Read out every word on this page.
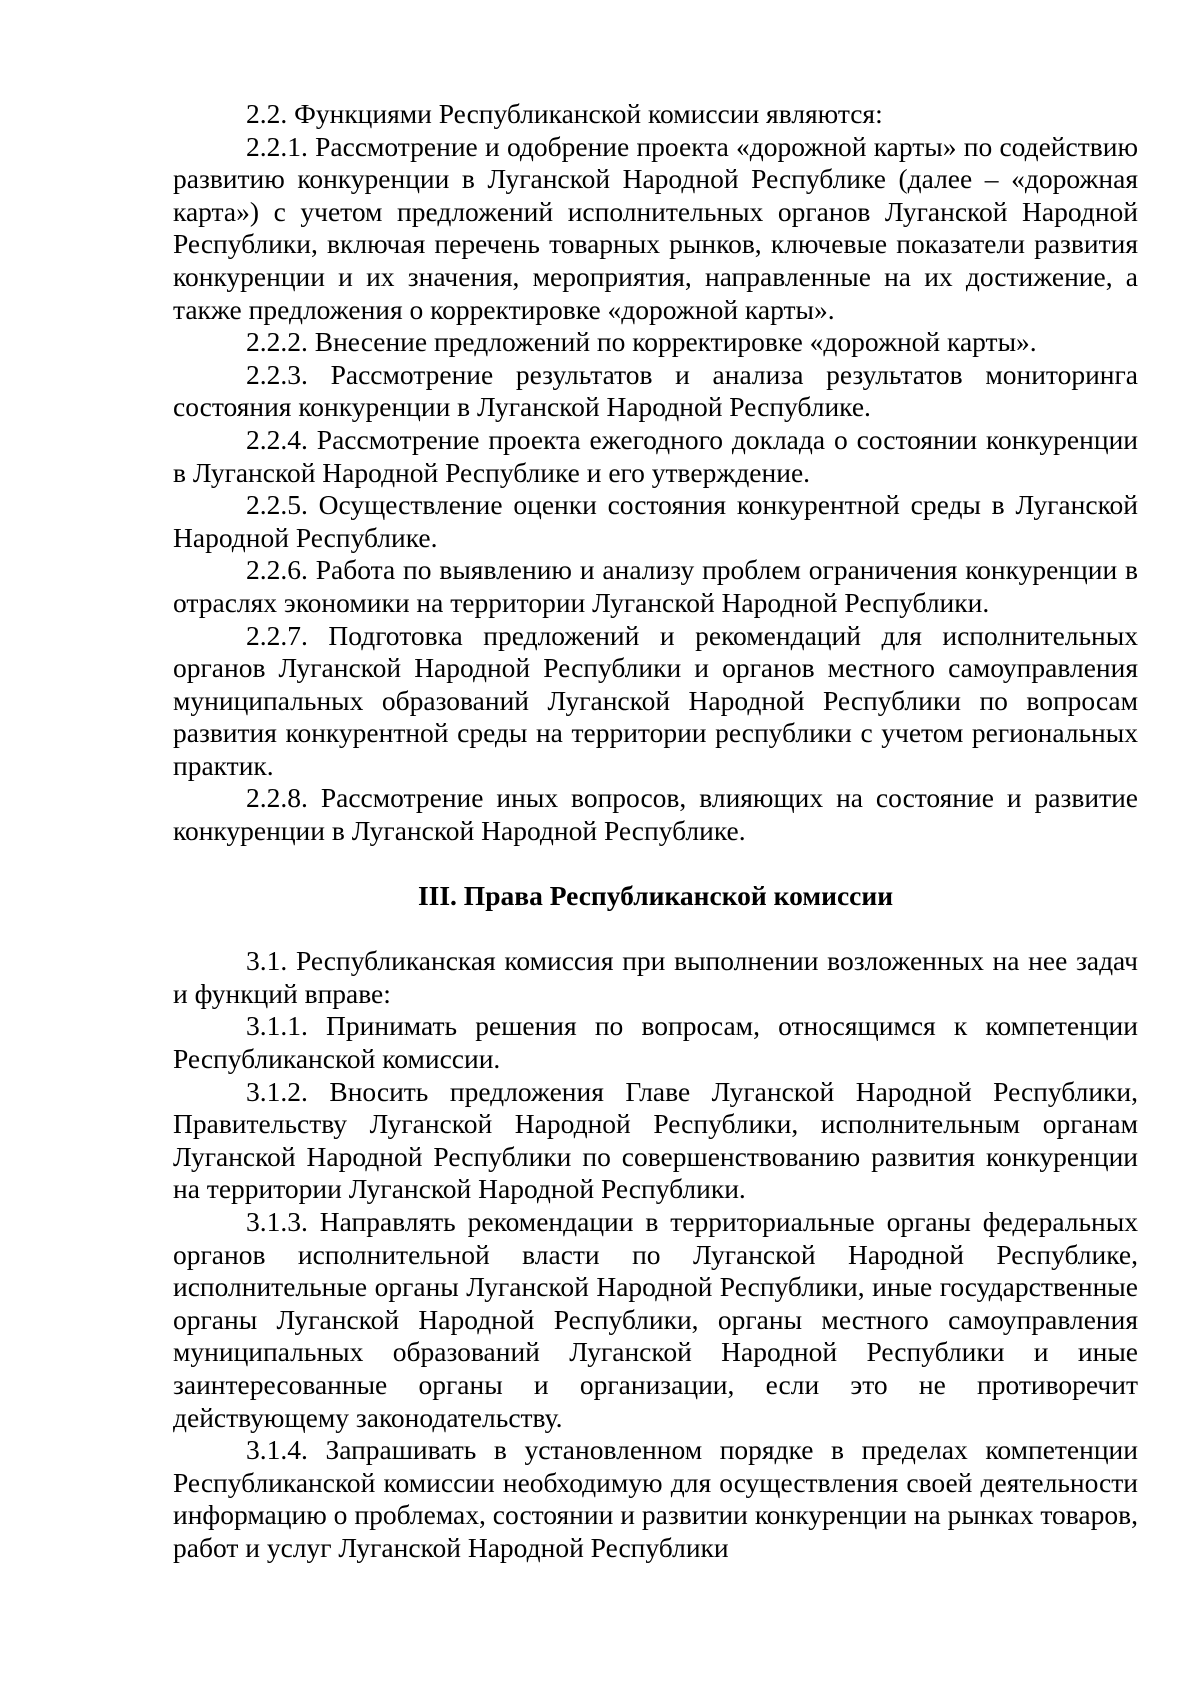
2.2. Функциями Республиканской комиссии являются:

2.2.1. Рассмотрение и одобрение проекта «дорожной карты» по содействию развитию конкуренции в Луганской Народной Республике (далее – «дорожная карта») с учетом предложений исполнительных органов Луганской Народной Республики, включая перечень товарных рынков, ключевые показатели развития конкуренции и их значения, мероприятия, направленные на их достижение, а также предложения о корректировке «дорожной карты».

2.2.2. Внесение предложений по корректировке «дорожной карты».

2.2.3. Рассмотрение результатов и анализа результатов мониторинга состояния конкуренции в Луганской Народной Республике.

2.2.4. Рассмотрение проекта ежегодного доклада о состоянии конкуренции в Луганской Народной Республике и его утверждение.

2.2.5. Осуществление оценки состояния конкурентной среды в Луганской Народной Республике.

2.2.6. Работа по выявлению и анализу проблем ограничения конкуренции в отраслях экономики на территории Луганской Народной Республики.

2.2.7. Подготовка предложений и рекомендаций для исполнительных органов Луганской Народной Республики и органов местного самоуправления муниципальных образований Луганской Народной Республики по вопросам развития конкурентной среды на территории республики с учетом региональных практик.

2.2.8. Рассмотрение иных вопросов, влияющих на состояние и развитие конкуренции в Луганской Народной Республике.

III. Права Республиканской комиссии

3.1. Республиканская комиссия при выполнении возложенных на нее задач и функций вправе:

3.1.1. Принимать решения по вопросам, относящимся к компетенции Республиканской комиссии.

3.1.2. Вносить предложения Главе Луганской Народной Республики, Правительству Луганской Народной Республики, исполнительным органам Луганской Народной Республики по совершенствованию развития конкуренции на территории Луганской Народной Республики.

3.1.3. Направлять рекомендации в территориальные органы федеральных органов исполнительной власти по Луганской Народной Республике, исполнительные органы Луганской Народной Республики, иные государственные органы Луганской Народной Республики, органы местного самоуправления муниципальных образований Луганской Народной Республики и иные заинтересованные органы и организации, если это не противоречит действующему законодательству.

3.1.4. Запрашивать в установленном порядке в пределах компетенции Республиканской комиссии необходимую для осуществления своей деятельности информацию о проблемах, состоянии и развитии конкуренции на рынках товаров, работ и услуг Луганской Народной Республики
